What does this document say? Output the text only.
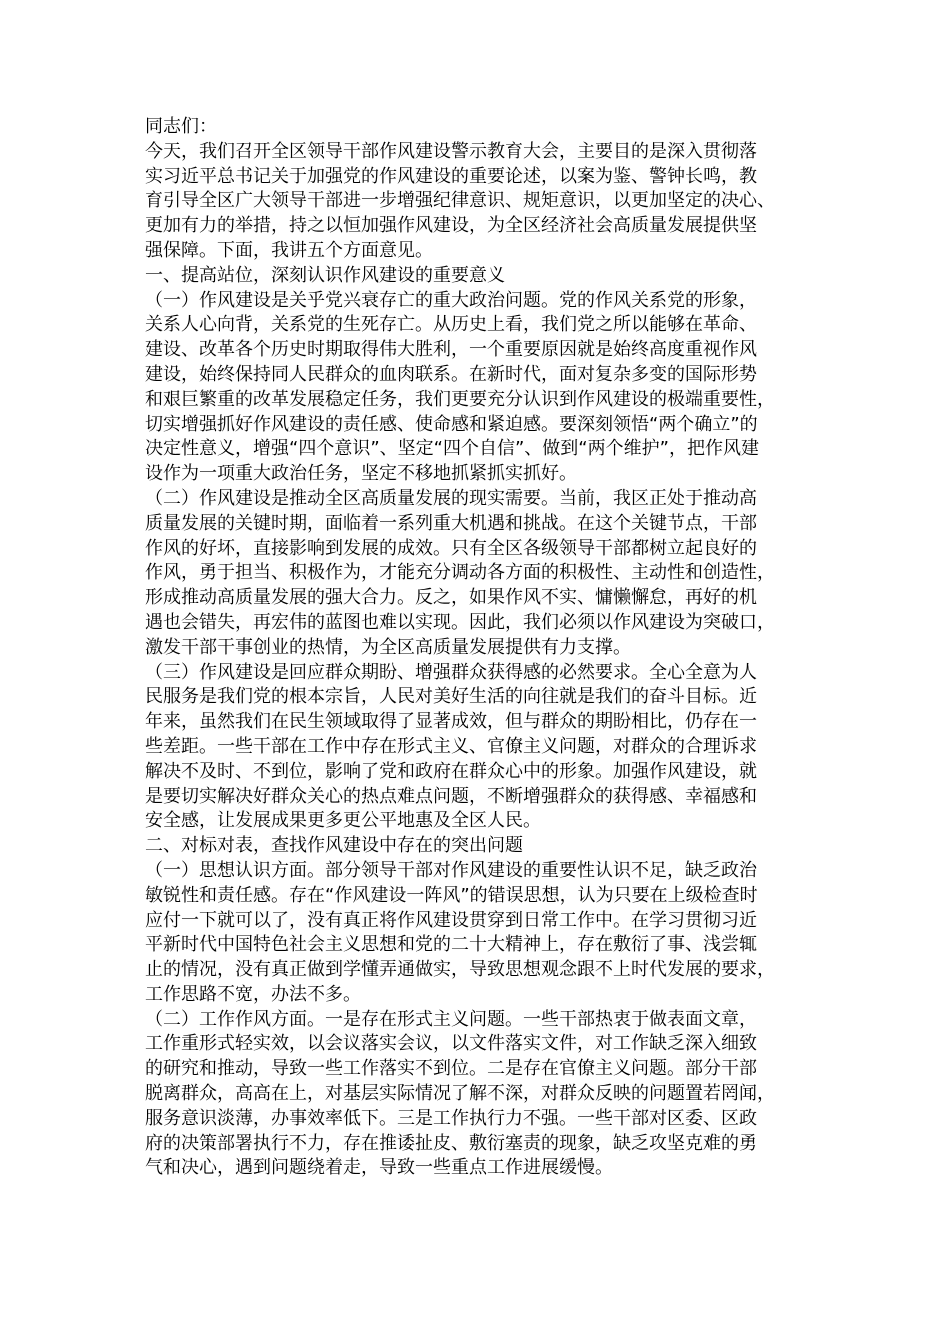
同志们：
今天，我们召开全区领导干部作风建设警示教育大会，主要目的是深入贯彻落
实习近平总书记关于加强党的作风建设的重要论述，以案为鉴、警钟长鸣，教
育引导全区广大领导干部进一步增强纪律意识、规矩意识，以更加坚定的决心、
更加有力的举措，持之以恒加强作风建设，为全区经济社会高质量发展提供坚
强保障。下面，我讲五个方面意见。
一、提高站位，深刻认识作风建设的重要意义
（一）作风建设是关乎党兴衰存亡的重大政治问题。党的作风关系党的形象，
关系人心向背，关系党的生死存亡。从历史上看，我们党之所以能够在革命、
建设、改革各个历史时期取得伟大胜利，一个重要原因就是始终高度重视作风
建设，始终保持同人民群众的血肉联系。在新时代，面对复杂多变的国际形势
和艰巨繁重的改革发展稳定任务，我们更要充分认识到作风建设的极端重要性，
切实增强抓好作风建设的责任感、使命感和紧迫感。要深刻领悟“两个确立”的
决定性意义，增强“四个意识”、坚定“四个自信”、做到“两个维护”，把作风建
设作为一项重大政治任务，坚定不移地抓紧抓实抓好。
（二）作风建设是推动全区高质量发展的现实需要。当前，我区正处于推动高
质量发展的关键时期，面临着一系列重大机遇和挑战。在这个关键节点，干部
作风的好坏，直接影响到发展的成效。只有全区各级领导干部都树立起良好的
作风，勇于担当、积极作为，才能充分调动各方面的积极性、主动性和创造性，
形成推动高质量发展的强大合力。反之，如果作风不实、慵懒懈怠，再好的机
遇也会错失，再宏伟的蓝图也难以实现。因此，我们必须以作风建设为突破口，
激发干部干事创业的热情，为全区高质量发展提供有力支撑。
（三）作风建设是回应群众期盼、增强群众获得感的必然要求。全心全意为人
民服务是我们党的根本宗旨，人民对美好生活的向往就是我们的奋斗目标。近
年来，虽然我们在民生领域取得了显著成效，但与群众的期盼相比，仍存在一
些差距。一些干部在工作中存在形式主义、官僚主义问题，对群众的合理诉求
解决不及时、不到位，影响了党和政府在群众心中的形象。加强作风建设，就
是要切实解决好群众关心的热点难点问题，不断增强群众的获得感、幸福感和
安全感，让发展成果更多更公平地惠及全区人民。
二、对标对表，查找作风建设中存在的突出问题
（一）思想认识方面。部分领导干部对作风建设的重要性认识不足，缺乏政治
敏锐性和责任感。存在“作风建设一阵风”的错误思想，认为只要在上级检查时
应付一下就可以了，没有真正将作风建设贯穿到日常工作中。在学习贯彻习近
平新时代中国特色社会主义思想和党的二十大精神上，存在敷衍了事、浅尝辄
止的情况，没有真正做到学懂弄通做实，导致思想观念跟不上时代发展的要求，
工作思路不宽，办法不多。
（二）工作作风方面。一是存在形式主义问题。一些干部热衷于做表面文章，
工作重形式轻实效，以会议落实会议，以文件落实文件，对工作缺乏深入细致
的研究和推动，导致一些工作落实不到位。二是存在官僚主义问题。部分干部
脱离群众，高高在上，对基层实际情况了解不深，对群众反映的问题置若罔闻，
服务意识淡薄，办事效率低下。三是工作执行力不强。一些干部对区委、区政
府的决策部署执行不力，存在推诿扯皮、敷衍塞责的现象，缺乏攻坚克难的勇
气和决心，遇到问题绕着走，导致一些重点工作进展缓慢。
